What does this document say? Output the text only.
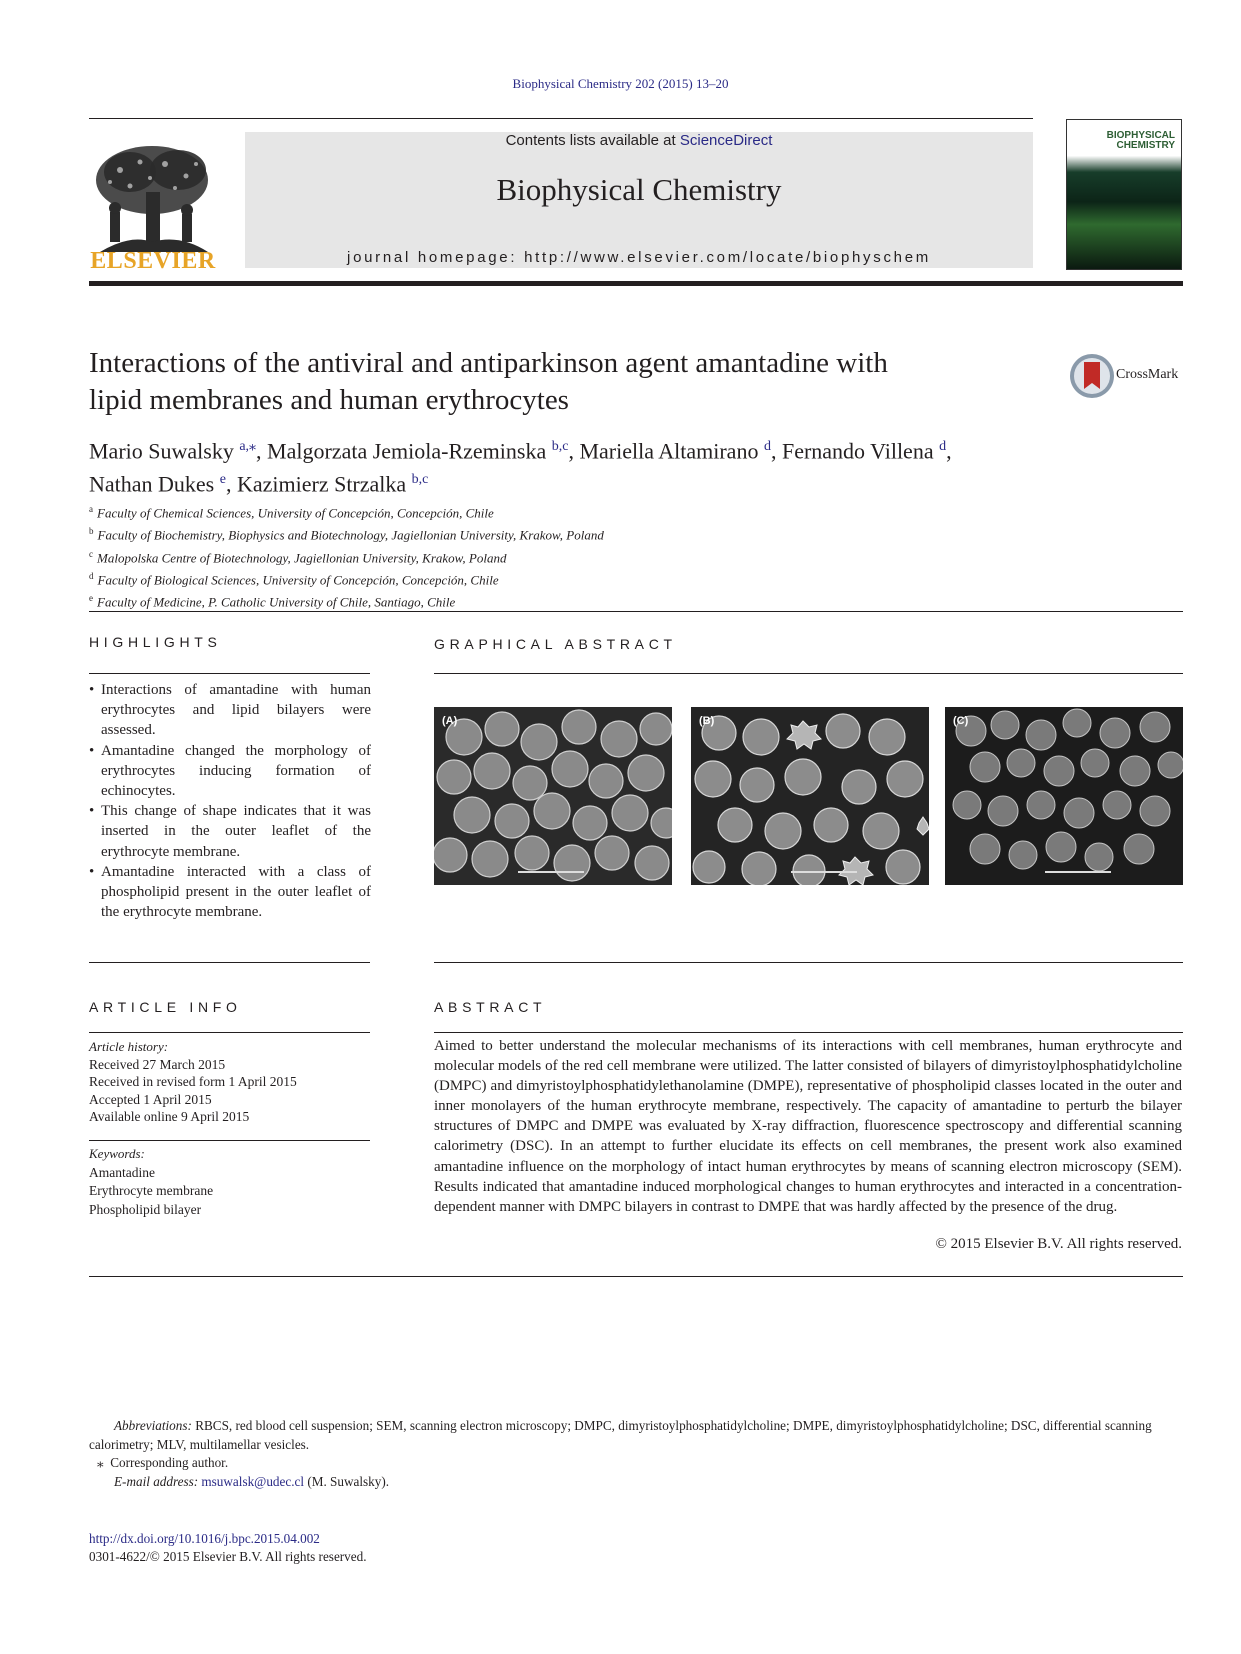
Biophysical Chemistry 202 (2015) 13–20
ELSEVIER
Contents lists available at ScienceDirect
Biophysical Chemistry
journal homepage: http://www.elsevier.com/locate/biophyschem
BIOPHYSICAL
CHEMISTRY
Interactions of the antiviral and antiparkinson agent amantadine with
lipid membranes and human erythrocytes
CrossMark
Mario Suwalsky $^{a,⁎}$, Malgorzata Jemiola-Rzeminska $^{b,c}$, Mariella Altamirano $^d$, Fernando Villena $^d$,
Nathan Dukes $^e$, Kazimierz Strzalka $^{b,c}$
$^a$ Faculty of Chemical Sciences, University of Concepción, Concepción, Chile
$^b$ Faculty of Biochemistry, Biophysics and Biotechnology, Jagiellonian University, Krakow, Poland
$^c$ Malopolska Centre of Biotechnology, Jagiellonian University, Krakow, Poland
$^d$ Faculty of Biological Sciences, University of Concepción, Concepción, Chile
$^e$ Faculty of Medicine, P. Catholic University of Chile, Santiago, Chile
HIGHLIGHTS
• Interactions of amantadine with human erythrocytes and lipid bilayers were assessed.
• Amantadine changed the morphology of erythrocytes inducing formation of echinocytes.
• This change of shape indicates that it was inserted in the outer leaflet of the erythrocyte membrane.
• Amantadine interacted with a class of phospholipid present in the outer leaflet of the erythrocyte membrane.
GRAPHICAL ABSTRACT
(A)	(B)	(C)
ARTICLE INFO
Article history:
Received 27 March 2015
Received in revised form 1 April 2015
Accepted 1 April 2015
Available online 9 April 2015
Keywords:
Amantadine
Erythrocyte membrane
Phospholipid bilayer
ABSTRACT
Aimed to better understand the molecular mechanisms of its interactions with cell membranes, human erythrocyte and molecular models of the red cell membrane were utilized. The latter consisted of bilayers of dimyristoylphosphatidylcholine (DMPC) and dimyristoylphosphatidylethanolamine (DMPE), representative of phospholipid classes located in the outer and inner monolayers of the human erythrocyte membrane, respectively. The capacity of amantadine to perturb the bilayer structures of DMPC and DMPE was evaluated by X-ray diffraction, fluorescence spectroscopy and differential scanning calorimetry (DSC). In an attempt to further elucidate its effects on cell membranes, the present work also examined amantadine influence on the morphology of intact human erythrocytes by means of scanning electron microscopy (SEM). Results indicated that amantadine induced morphological changes to human erythrocytes and interacted in a concentration-dependent manner with DMPC bilayers in contrast to DMPE that was hardly affected by the presence of the drug.
© 2015 Elsevier B.V. All rights reserved.
Abbreviations: RBCS, red blood cell suspension; SEM, scanning electron microscopy; DMPC, dimyristoylphosphatidylcholine; DMPE, dimyristoylphosphatidylcholine; DSC, differential scanning calorimetry; MLV, multilamellar vesicles.
⁎ Corresponding author.
E-mail address: msuwalsk@udec.cl (M. Suwalsky).
http://dx.doi.org/10.1016/j.bpc.2015.04.002
0301-4622/© 2015 Elsevier B.V. All rights reserved.
